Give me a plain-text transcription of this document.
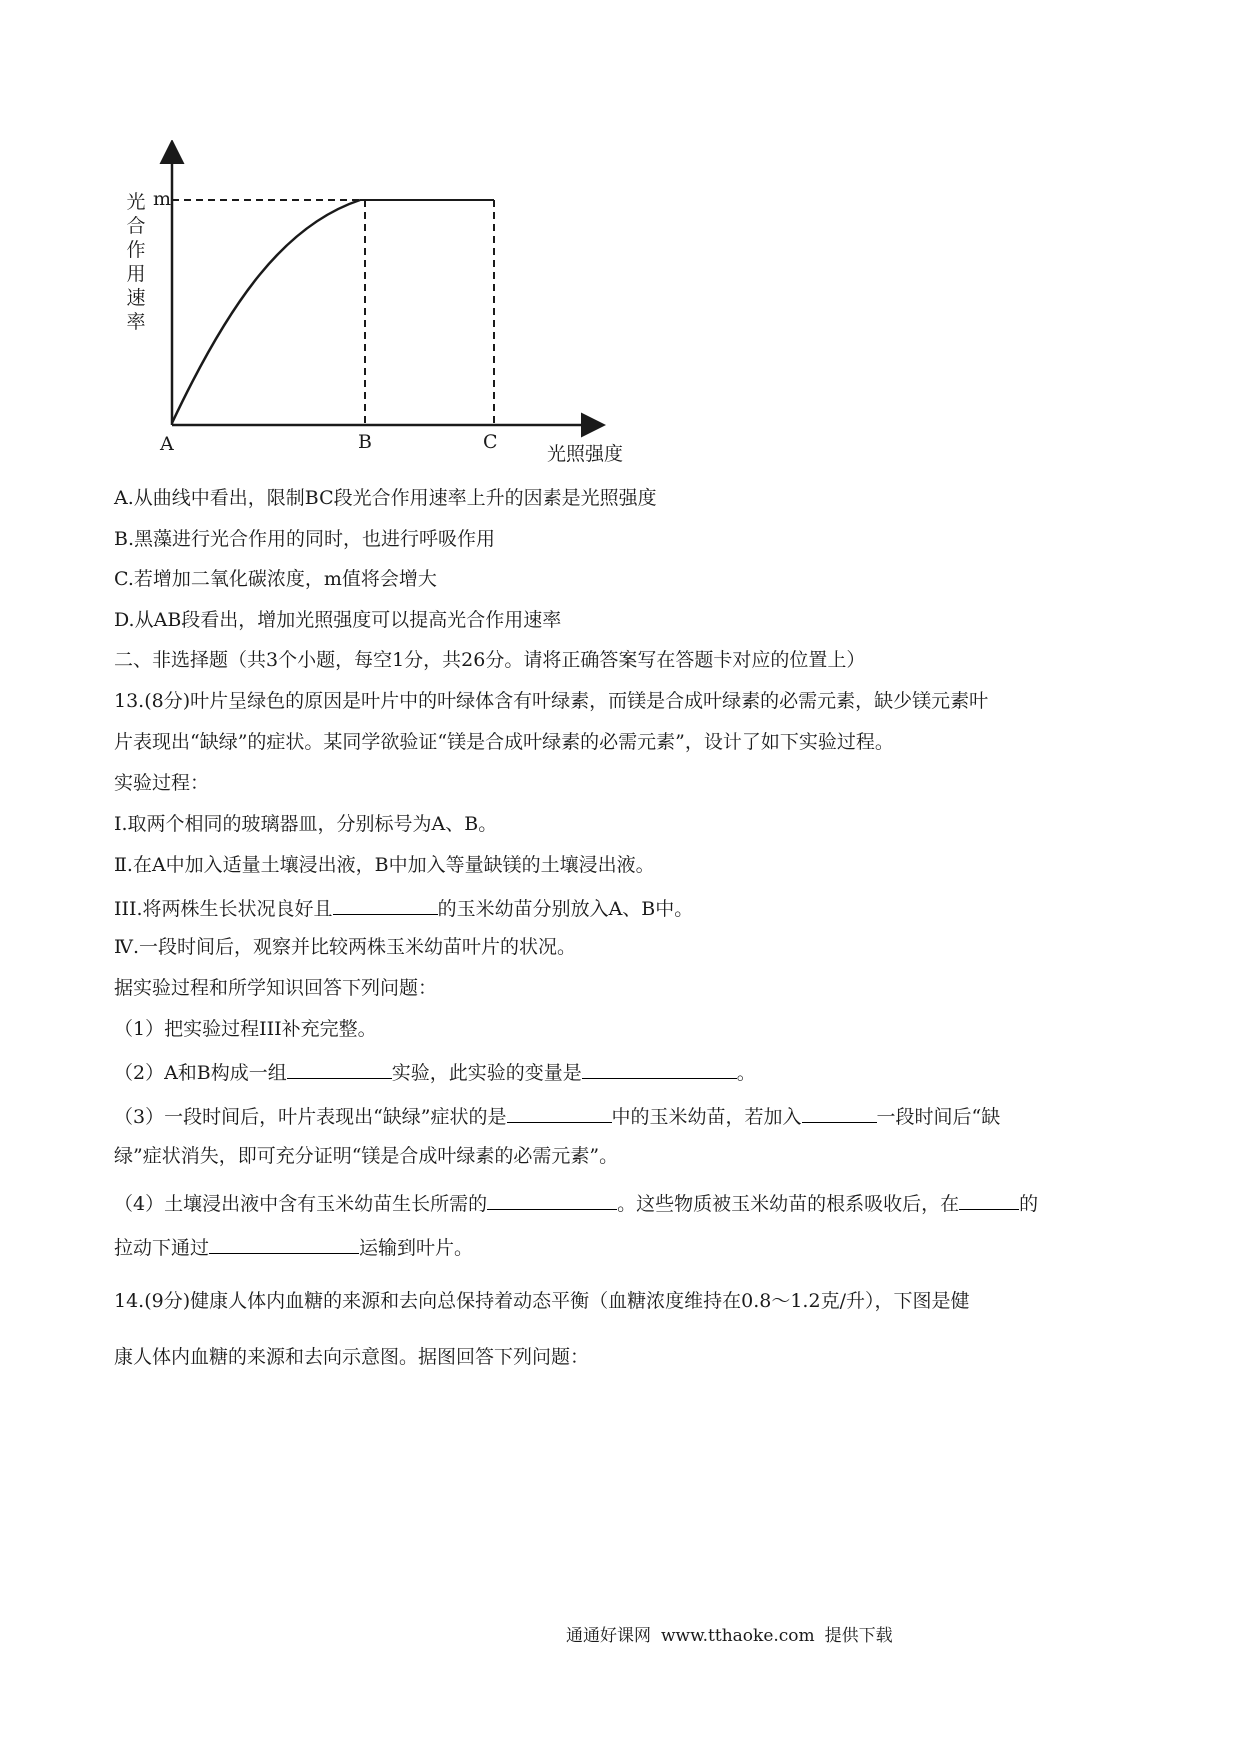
光
合
作
用
速
率
m
A	B	C
光照强度
A.从曲线中看出，限制BC段光合作用速率上升的因素是光照强度
B.黑藻进行光合作用的同时，也进行呼吸作用
C.若增加二氧化碳浓度，m值将会增大
D.从AB段看出，增加光照强度可以提高光合作用速率
二、非选择题（共3个小题，每空1分，共26分。请将正确答案写在答题卡对应的位置上）
13.(8分)叶片呈绿色的原因是叶片中的叶绿体含有叶绿素，而镁是合成叶绿素的必需元素，缺少镁元素叶
片表现出“缺绿”的症状。某同学欲验证“镁是合成叶绿素的必需元素”，设计了如下实验过程。
实验过程：
Ⅰ.取两个相同的玻璃器皿，分别标号为A、B。
Ⅱ.在A中加入适量土壤浸出液，B中加入等量缺镁的土壤浸出液。
III.将两株生长状况良好且	的玉米幼苗分别放入A、B中。
Ⅳ.一段时间后，观察并比较两株玉米幼苗叶片的状况。
据实验过程和所学知识回答下列问题：
（1）把实验过程III补充完整。
（2）A和B构成一组	实验，此实验的变量是	。
（3）一段时间后，叶片表现出“缺绿”症状的是	中的玉米幼苗，若加入	一段时间后“缺
绿”症状消失，即可充分证明“镁是合成叶绿素的必需元素”。
（4）土壤浸出液中含有玉米幼苗生长所需的	。这些物质被玉米幼苗的根系吸收后，在	的
拉动下通过	运输到叶片。
14.(9分)健康人体内血糖的来源和去向总保持着动态平衡（血糖浓度维持在0.8～1.2克/升），下图是健
康人体内血糖的来源和去向示意图。据图回答下列问题：
通通好课网 www.tthaoke.com 提供下载
